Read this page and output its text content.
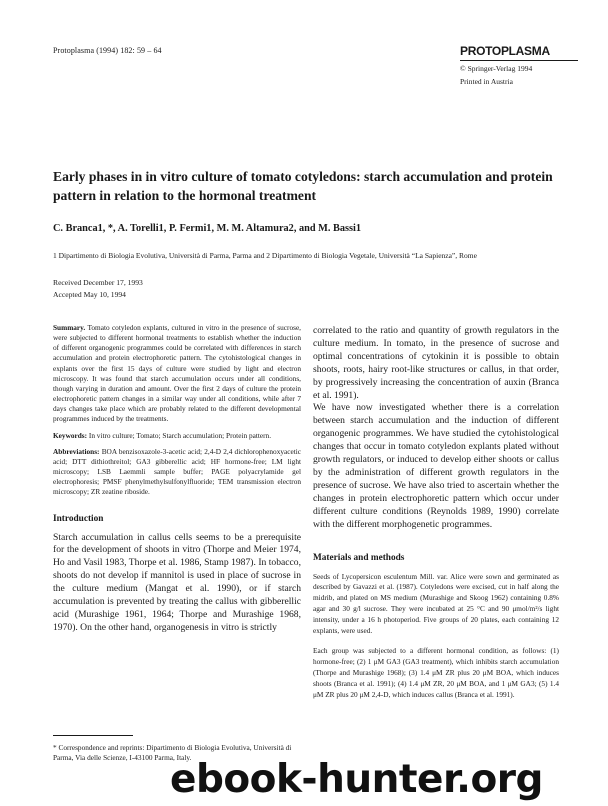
Protoplasma (1994) 182: 59 – 64	PROTOPLASMA
© Springer-Verlag 1994
Printed in Austria
Early phases in in vitro culture of tomato cotyledons: starch accumulation and protein pattern in relation to the hormonal treatment
C. Branca1, *, A. Torelli1, P. Fermi1, M. M. Altamura2, and M. Bassi1
1 Dipartimento di Biologia Evolutiva, Università di Parma, Parma and 2 Dipartimento di Biologia Vegetale, Università “La Sapienza”, Rome
Received December 17, 1993
Accepted May 10, 1994
Summary. Tomato cotyledon explants, cultured in vitro in the presence of sucrose, were subjected to different hormonal treatments to establish whether the induction of different organogenic programmes could be correlated with differences in starch accumulation and protein electrophoretic pattern. The cytohistological changes in explants over the first 15 days of culture were studied by light and electron microscopy. It was found that starch accumulation occurs under all conditions, though varying in duration and amount. Over the first 2 days of culture the protein electrophoretic pattern changes in a similar way under all conditions, while after 7 days changes take place which are probably related to the different developmental programmes induced by the treatments.
Keywords: In vitro culture; Tomato; Starch accumulation; Protein pattern.
Abbreviations: BOA benzisoxazole-3-acetic acid; 2,4-D 2,4 dichlorophenoxyacetic acid; DTT dithiothreitol; GA3 gibberellic acid; HF hormone-free; LM light microscopy; LSB Laemmli sample buffer; PAGE polyacrylamide gel electrophoresis; PMSF phenylmethylsulfonylfluoride; TEM transmission electron microscopy; ZR zeatine riboside.
Introduction
Starch accumulation in callus cells seems to be a prerequisite for the development of shoots in vitro (Thorpe and Meier 1974, Ho and Vasil 1983, Thorpe et al. 1986, Stamp 1987). In tobacco, shoots do not develop if mannitol is used in place of sucrose in the culture medium (Mangat et al. 1990), or if starch accumulation is prevented by treating the callus with gibberellic acid (Murashige 1961, 1964; Thorpe and Murashige 1968, 1970). On the other hand, organogenesis in vitro is strictly
* Correspondence and reprints: Dipartimento di Biologia Evolutiva, Università di Parma, Via delle Scienze, I-43100 Parma, Italy.
correlated to the ratio and quantity of growth regulators in the culture medium. In tomato, in the presence of sucrose and optimal concentrations of cytokinin it is possible to obtain shoots, roots, hairy root-like structures or callus, in that order, by progressively increasing the concentration of auxin (Branca et al. 1991).
We have now investigated whether there is a correlation between starch accumulation and the induction of different organogenic programmes. We have studied the cytohistological changes that occur in tomato cotyledon explants plated without growth regulators, or induced to develop either shoots or callus by the administration of different growth regulators in the presence of sucrose. We have also tried to ascertain whether the changes in protein electrophoretic pattern which occur under different culture conditions (Reynolds 1989, 1990) correlate with the different morphogenetic programmes.
Materials and methods
Seeds of Lycopersicon esculentum Mill. var. Alice were sown and germinated as described by Gavazzi et al. (1987). Cotyledons were excised, cut in half along the midrib, and plated on MS medium (Murashige and Skoog 1962) containing 0.8% agar and 30 g/l sucrose. They were incubated at 25 °C and 90 μmol/m²/s light intensity, under a 16 h photoperiod. Five groups of 20 plates, each containing 12 explants, were used.
Each group was subjected to a different hormonal condition, as follows: (1) hormone-free; (2) 1 μM GA3 (GA3 treatment), which inhibits starch accumulation (Thorpe and Murashige 1968); (3) 1.4 μM ZR plus 20 μM BOA, which induces shoots (Branca et al. 1991); (4) 1.4 μM ZR, 20 μM BOA, and 1 μM GA3; (5) 1.4 μM ZR plus 20 μM 2,4-D, which induces callus (Branca et al. 1991).
ebook-hunter.org
